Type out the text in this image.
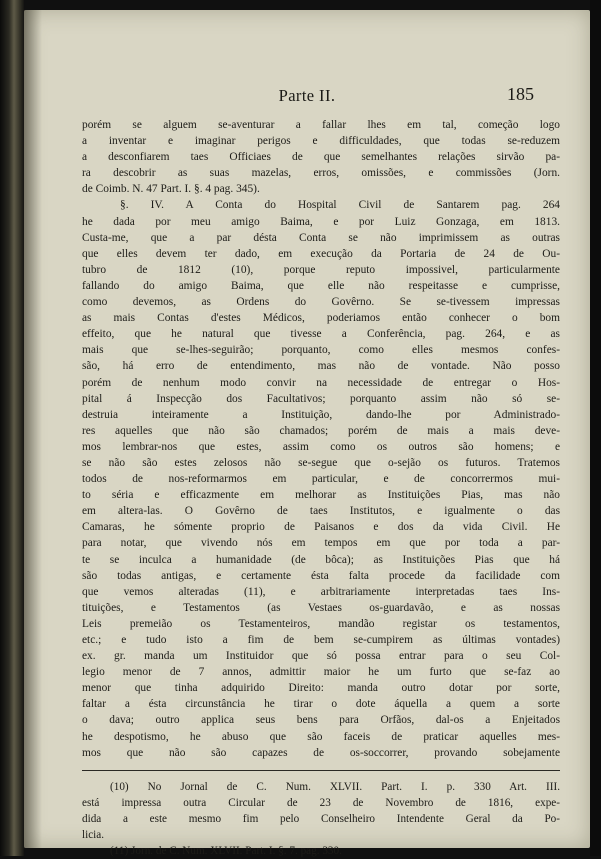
Parte II.	185
porém se alguem se-aventurar a fallar lhes em tal, começão logo
a inventar e imaginar perigos e difficuldades, que todas se-reduzem
a desconfiarem taes Officiaes de que semelhantes relações sirvão pa-
ra descobrir as suas mazelas, erros, omissões, e commissões (Jorn.
de Coimb. N. 47 Part. I. §. 4 pag. 345).
§. IV. A Conta do Hospital Civil de Santarem pag. 264
he dada por meu amigo Baima, e por Luiz Gonzaga, em 1813.
Custa-me, que a par désta Conta se não imprimissem as outras
que elles devem ter dado, em execução da Portaria de 24 de Ou-
tubro de 1812 (10), porque reputo impossivel, particularmente
fallando do amigo Baima, que elle não respeitasse e cumprisse,
como devemos, as Ordens do Govêrno. Se se-tivessem impressas
as mais Contas d'estes Médicos, poderiamos então conhecer o bom
effeito, que he natural que tivesse a Conferência, pag. 264, e as
mais que se-lhes-seguirão; porquanto, como elles mesmos confes-
são, há erro de entendimento, mas não de vontade. Não posso
porém de nenhum modo convir na necessidade de entregar o Hos-
pital á Inspecção dos Facultativos; porquanto assim não só se-
destruia inteiramente a Instituição, dando-lhe por Administrado-
res aquelles que não são chamados; porém de mais a mais deve-
mos lembrar-nos que estes, assim como os outros são homens; e
se não são estes zelosos não se-segue que o-sejão os futuros. Tratemos
todos de nos-reformarmos em particular, e de concorrermos mui-
to séria e efficazmente em melhorar as Instituições Pias, mas não
em altera-las. O Govêrno de taes Institutos, e igualmente o das
Camaras, he sómente proprio de Paisanos e dos da vida Civil. He
para notar, que vivendo nós em tempos em que por toda a par-
te se inculca a humanidade (de bôca); as Instituições Pias que há
são todas antigas, e certamente ésta falta procede da facilidade com
que vemos alteradas (11), e arbitrariamente interpretadas taes Ins-
tituições, e Testamentos (as Vestaes os-guardavão, e as nossas
Leis premeião os Testamenteiros, mandão registar os testamentos,
etc.; e tudo isto a fim de bem se-cumpirem as últimas vontades)
ex. gr. manda um Instituidor que só possa entrar para o seu Col-
legio menor de 7 annos, admittir maior he um furto que se-faz ao
menor que tinha adquirido Direito: manda outro dotar por sorte,
faltar a ésta circunstância he tirar o dote áquella a quem a sorte
o dava; outro applica seus bens para Orfãos, dal-os a Enjeitados
he despotismo, he abuso que são faceis de praticar aquelles mes-
mos que não são capazes de os-soccorrer, provando sobejamente
(10) No Jornal de C. Num. XLVII. Part. I. p. 330 Art. III.
está impressa outra Circular de 23 de Novembro de 1816, expe-
dida a este mesmo fim pelo Conselheiro Intendente Geral da Po-
licia.
(11) Jorn. de C. Num. XLVII. Part. I. §. 7. pag. 330.
